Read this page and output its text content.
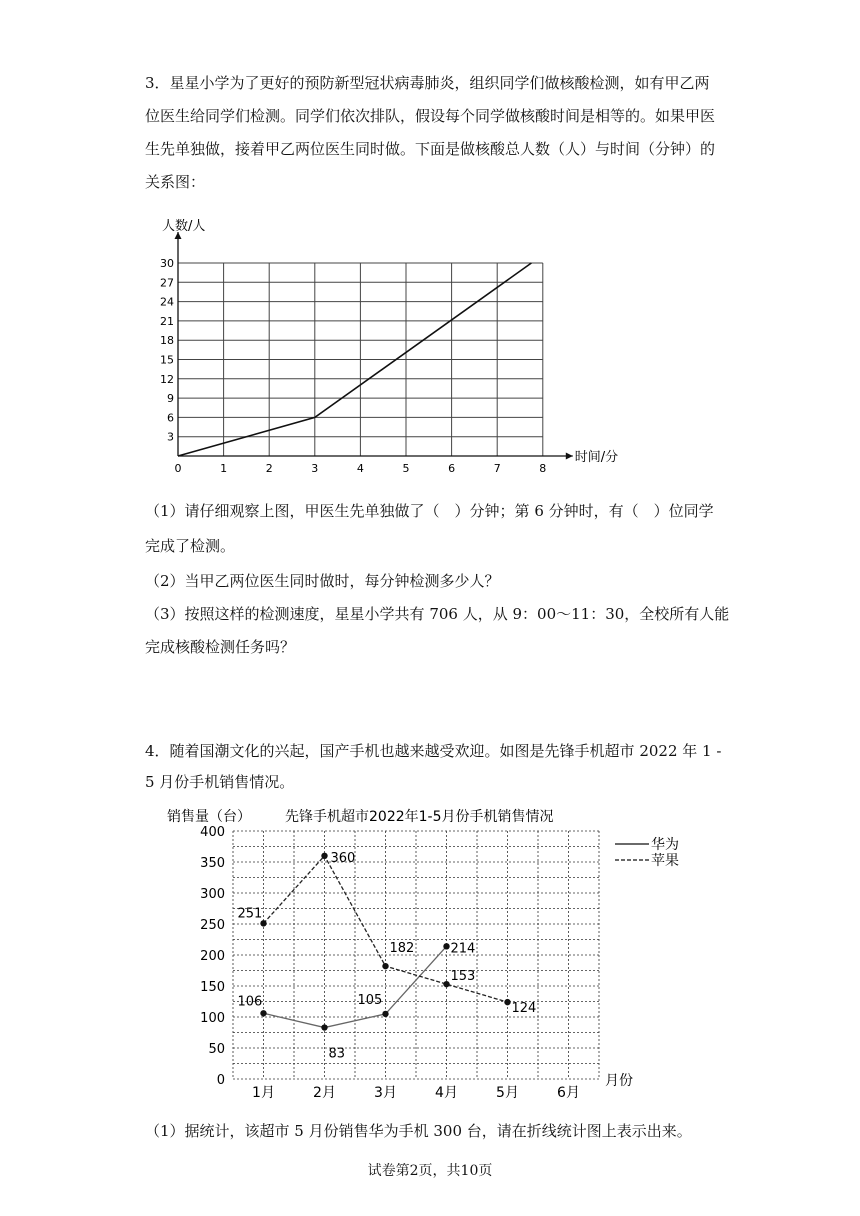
3．星星小学为了更好的预防新型冠状病毒肺炎，组织同学们做核酸检测，如有甲乙两
位医生给同学们检测。同学们依次排队，假设每个同学做核酸时间是相等的。如果甲医
生先单独做，接着甲乙两位医生同时做。下面是做核酸总人数（人）与时间（分钟）的
关系图：
0	1	2	3	4	5	6	7	8
3
6
9
12
15
18
21
24
27
30
人数/人
时间/分
（1）请仔细观察上图，甲医生先单独做了（　）分钟；第 6 分钟时，有（　）位同学
完成了检测。
（2）当甲乙两位医生同时做时，每分钟检测多少人？
（3）按照这样的检测速度，星星小学共有 706 人，从 9：00～11：30，全校所有人能
完成核酸检测任务吗？
4．随着国潮文化的兴起，国产手机也越来越受欢迎。如图是先锋手机超市 2022 年 1 -
5 月份手机销售情况。
销售量（台） 先锋手机超市2022年1-5月份手机销售情况
0
50
100
150
200
250
300
350
400
1月	2月	3月	4月	5月	6月
月份
华为
苹果
106
83
105
214
251
360
182
153
124
（1）据统计，该超市 5 月份销售华为手机 300 台，请在折线统计图上表示出来。
试卷第2页，共10页
